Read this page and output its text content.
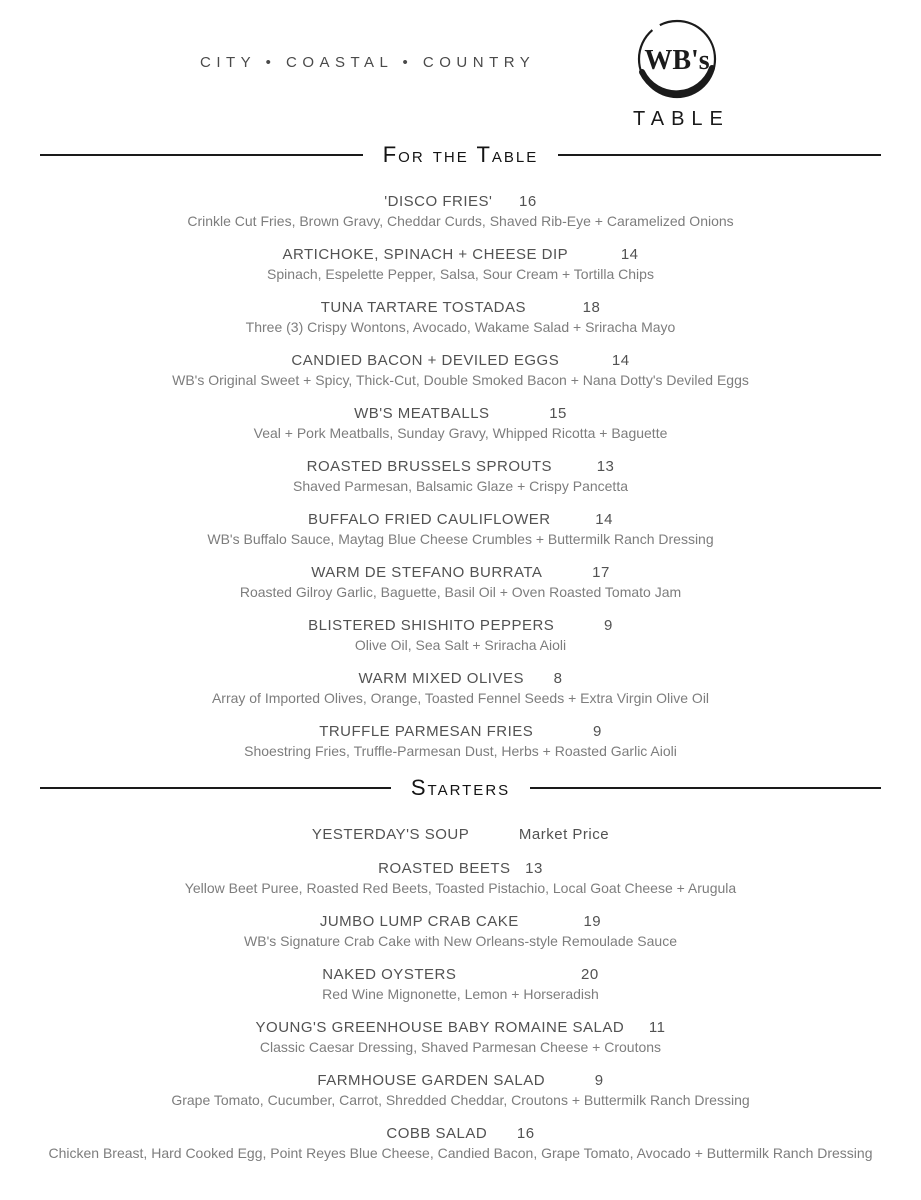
CITY • COASTAL • COUNTRY	WB's
TABLE
For the Table
'DISCO FRIES' 16
Crinkle Cut Fries, Brown Gravy, Cheddar Curds, Shaved Rib-Eye + Caramelized Onions
ARTICHOKE, SPINACH + CHEESE DIP	14
Spinach, Espelette Pepper, Salsa, Sour Cream + Tortilla Chips
TUNA TARTARE TOSTADAS	18
Three (3) Crispy Wontons, Avocado, Wakame Salad + Sriracha Mayo
CANDIED BACON + DEVILED EGGS	14
WB's Original Sweet + Spicy, Thick-Cut, Double Smoked Bacon + Nana Dotty's Deviled Eggs
WB'S MEATBALLS	15
Veal + Pork Meatballs, Sunday Gravy, Whipped Ricotta + Baguette
ROASTED BRUSSELS SPROUTS	13
Shaved Parmesan, Balsamic Glaze + Crispy Pancetta
BUFFALO FRIED CAULIFLOWER	14
WB's Buffalo Sauce, Maytag Blue Cheese Crumbles + Buttermilk Ranch Dressing
WARM DE STEFANO BURRATA	17
Roasted Gilroy Garlic, Baguette, Basil Oil + Oven Roasted Tomato Jam
BLISTERED SHISHITO PEPPERS	9
Olive Oil, Sea Salt + Sriracha Aioli
WARM MIXED OLIVES 8
Array of Imported Olives, Orange, Toasted Fennel Seeds + Extra Virgin Olive Oil
TRUFFLE PARMESAN FRIES	9
Shoestring Fries, Truffle-Parmesan Dust, Herbs + Roasted Garlic Aioli
Starters
YESTERDAY'S SOUP	Market Price
ROASTED BEETS 13
Yellow Beet Puree, Roasted Red Beets, Toasted Pistachio, Local Goat Cheese + Arugula
JUMBO LUMP CRAB CAKE	19
WB's Signature Crab Cake with New Orleans-style Remoulade Sauce
NAKED OYSTERS	20
Red Wine Mignonette, Lemon + Horseradish
YOUNG'S GREENHOUSE BABY ROMAINE SALAD 11
Classic Caesar Dressing, Shaved Parmesan Cheese + Croutons
FARMHOUSE GARDEN SALAD	9
Grape Tomato, Cucumber, Carrot, Shredded Cheddar, Croutons + Buttermilk Ranch Dressing
COBB SALAD 16
Chicken Breast, Hard Cooked Egg, Point Reyes Blue Cheese, Candied Bacon, Grape Tomato, Avocado + Buttermilk Ranch Dressing
